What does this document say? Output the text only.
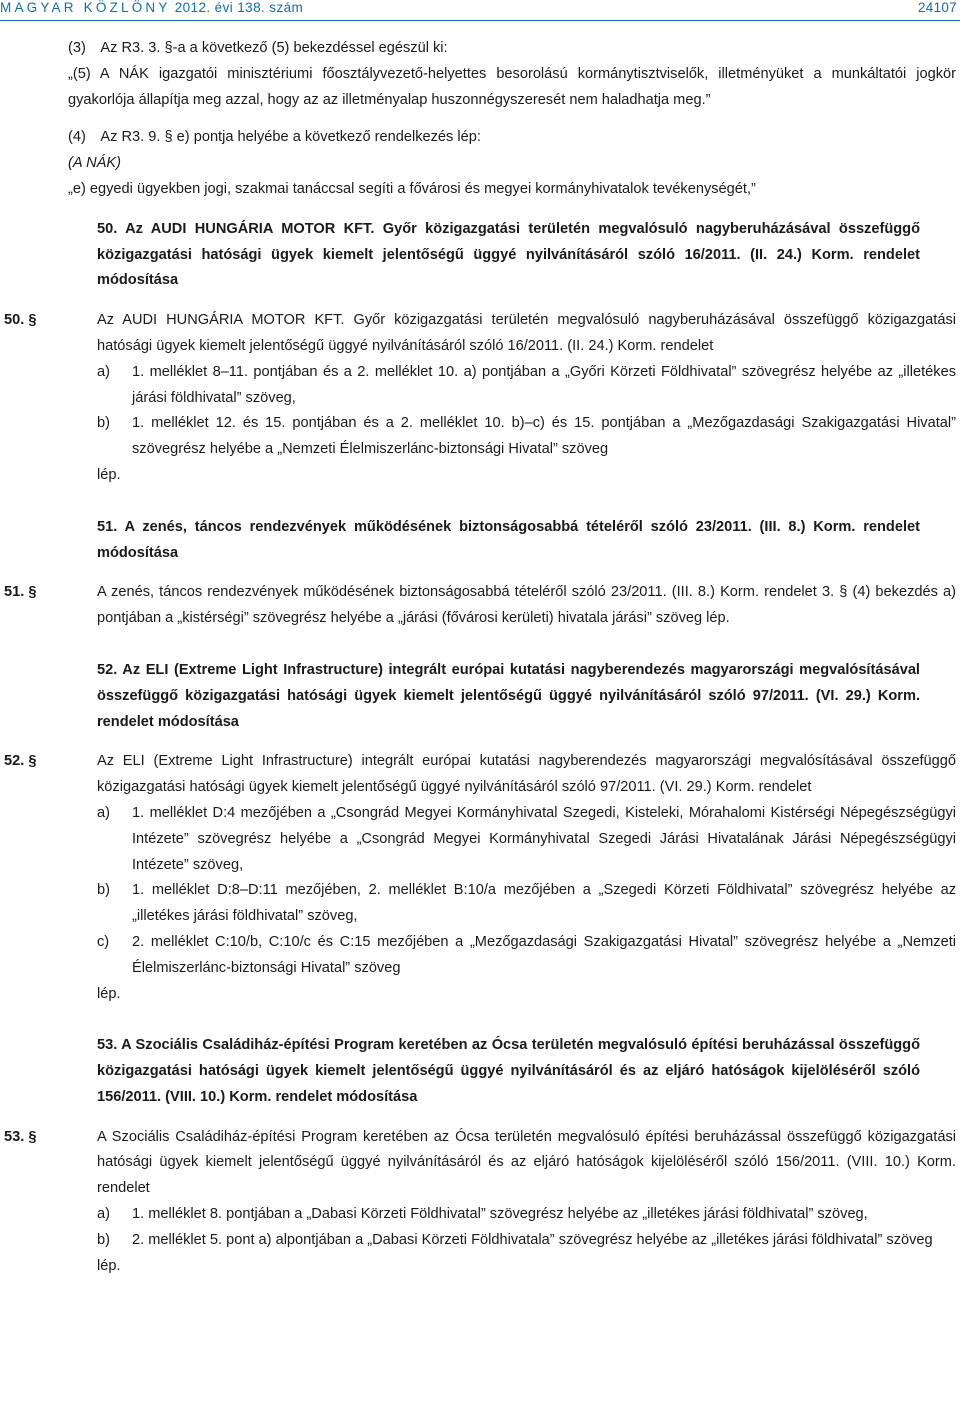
MAGYAR KÖZLÖNY 2012. évi 138. szám	24107

(3) Az R3. 3. §-a a következő (5) bekezdéssel egészül ki:

„(5) A NÁK igazgatói minisztériumi főosztályvezető-helyettes besorolású kormánytisztviselők, illetményüket a munkáltatói jogkör gyakorlója állapítja meg azzal, hogy az az illetményalap huszonnégyszeresét nem haladhatja meg.”

(4) Az R3. 9. § e) pontja helyébe a következő rendelkezés lép:

(A NÁK)

„e) egyedi ügyekben jogi, szakmai tanáccsal segíti a fővárosi és megyei kormányhivatalok tevékenységét,”

50. Az AUDI HUNGÁRIA MOTOR KFT. Győr közigazgatási területén megvalósuló nagyberuházásával összefüggő közigazgatási hatósági ügyek kiemelt jelentőségű üggyé nyilvánításáról szóló 16/2011. (II. 24.) Korm. rendelet módosítása

50. §	Az AUDI HUNGÁRIA MOTOR KFT. Győr közigazgatási területén megvalósuló nagyberuházásával összefüggő közigazgatási hatósági ügyek kiemelt jelentőségű üggyé nyilvánításáról szóló 16/2011. (II. 24.) Korm. rendelet
a) 1. melléklet 8–11. pontjában és a 2. melléklet 10. a) pontjában a „Győri Körzeti Földhivatal” szövegrész helyébe az „illetékes járási földhivatal” szöveg,
b) 1. melléklet 12. és 15. pontjában és a 2. melléklet 10. b)–c) és 15. pontjában a „Mezőgazdasági Szakigazgatási Hivatal” szövegrész helyébe a „Nemzeti Élelmiszerlánc-biztonsági Hivatal” szöveg

lép.

51. A zenés, táncos rendezvények működésének biztonságosabbá tételéről szóló 23/2011. (III. 8.) Korm. rendelet módosítása

51. §	A zenés, táncos rendezvények működésének biztonságosabbá tételéről szóló 23/2011. (III. 8.) Korm. rendelet 3. § (4) bekezdés a) pontjában a „kistérségi” szövegrész helyébe a „járási (fővárosi kerületi) hivatala járási” szöveg lép.

52. Az ELI (Extreme Light Infrastructure) integrált európai kutatási nagyberendezés magyarországi megvalósításával összefüggő közigazgatási hatósági ügyek kiemelt jelentőségű üggyé nyilvánításáról szóló 97/2011. (VI. 29.) Korm. rendelet módosítása

52. §	Az ELI (Extreme Light Infrastructure) integrált európai kutatási nagyberendezés magyarországi megvalósításával összefüggő közigazgatási hatósági ügyek kiemelt jelentőségű üggyé nyilvánításáról szóló 97/2011. (VI. 29.) Korm. rendelet
a) 1. melléklet D:4 mezőjében a „Csongrád Megyei Kormányhivatal Szegedi, Kisteleki, Mórahalomi Kistérségi Népegészségügyi Intézete” szövegrész helyébe a „Csongrád Megyei Kormányhivatal Szegedi Járási Hivatalának Járási Népegészségügyi Intézete” szöveg,
b) 1. melléklet D:8–D:11 mezőjében, 2. melléklet B:10/a mezőjében a „Szegedi Körzeti Földhivatal” szövegrész helyébe az „illetékes járási földhivatal” szöveg,
c) 2. melléklet C:10/b, C:10/c és C:15 mezőjében a „Mezőgazdasági Szakigazgatási Hivatal” szövegrész helyébe a „Nemzeti Élelmiszerlánc-biztonsági Hivatal” szöveg

lép.

53. A Szociális Családiház-építési Program keretében az Ócsa területén megvalósuló építési beruházással összefüggő közigazgatási hatósági ügyek kiemelt jelentőségű üggyé nyilvánításáról és az eljáró hatóságok kijelöléséről szóló 156/2011. (VIII. 10.) Korm. rendelet módosítása

53. §	A Szociális Családiház-építési Program keretében az Ócsa területén megvalósuló építési beruházással összefüggő közigazgatási hatósági ügyek kiemelt jelentőségű üggyé nyilvánításáról és az eljáró hatóságok kijelöléséről szóló 156/2011. (VIII. 10.) Korm. rendelet
a) 1. melléklet 8. pontjában a „Dabasi Körzeti Földhivatal” szövegrész helyébe az „illetékes járási földhivatal” szöveg,
b) 2. melléklet 5. pont a) alpontjában a „Dabasi Körzeti Földhivatala” szövegrész helyébe az „illetékes járási földhivatal” szöveg

lép.
